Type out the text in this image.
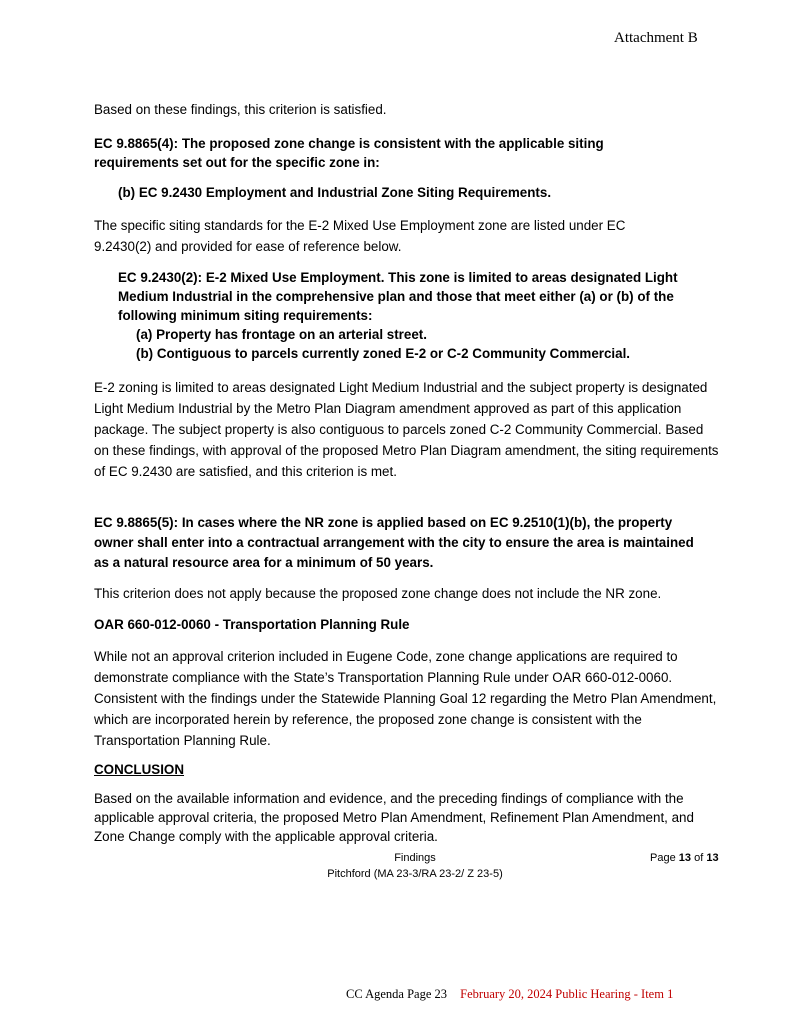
Attachment B
Based on these findings, this criterion is satisfied.
EC 9.8865(4): The proposed zone change is consistent with the applicable siting
requirements set out for the specific zone in:
(b) EC 9.2430 Employment and Industrial Zone Siting Requirements.
The specific siting standards for the E-2 Mixed Use Employment zone are listed under EC 9.2430(2) and provided for ease of reference below.
EC 9.2430(2): E-2 Mixed Use Employment. This zone is limited to areas designated Light
Medium Industrial in the comprehensive plan and those that meet either (a) or (b) of the
following minimum siting requirements:
(a) Property has frontage on an arterial street.
(b) Contiguous to parcels currently zoned E-2 or C-2 Community Commercial.
E-2 zoning is limited to areas designated Light Medium Industrial and the subject property is designated Light Medium Industrial by the Metro Plan Diagram amendment approved as part of this application package. The subject property is also contiguous to parcels zoned C-2 Community Commercial. Based on these findings, with approval of the proposed Metro Plan Diagram amendment, the siting requirements of EC 9.2430 are satisfied, and this criterion is met.
EC 9.8865(5): In cases where the NR zone is applied based on EC 9.2510(1)(b), the property owner shall enter into a contractual arrangement with the city to ensure the area is maintained as a natural resource area for a minimum of 50 years.
This criterion does not apply because the proposed zone change does not include the NR zone.
OAR 660-012-0060 - Transportation Planning Rule
While not an approval criterion included in Eugene Code, zone change applications are required to demonstrate compliance with the State’s Transportation Planning Rule under OAR 660-012-0060. Consistent with the findings under the Statewide Planning Goal 12 regarding the Metro Plan Amendment, which are incorporated herein by reference, the proposed zone change is consistent with the Transportation Planning Rule.
CONCLUSION
Based on the available information and evidence, and the preceding findings of compliance with the applicable approval criteria, the proposed Metro Plan Amendment, Refinement Plan Amendment, and Zone Change comply with the applicable approval criteria.
Findings
Pitchford (MA 23-3/RA 23-2/ Z 23-5)
Page 13 of 13
CC Agenda Page 23 February 20, 2024 Public Hearing - Item 1
